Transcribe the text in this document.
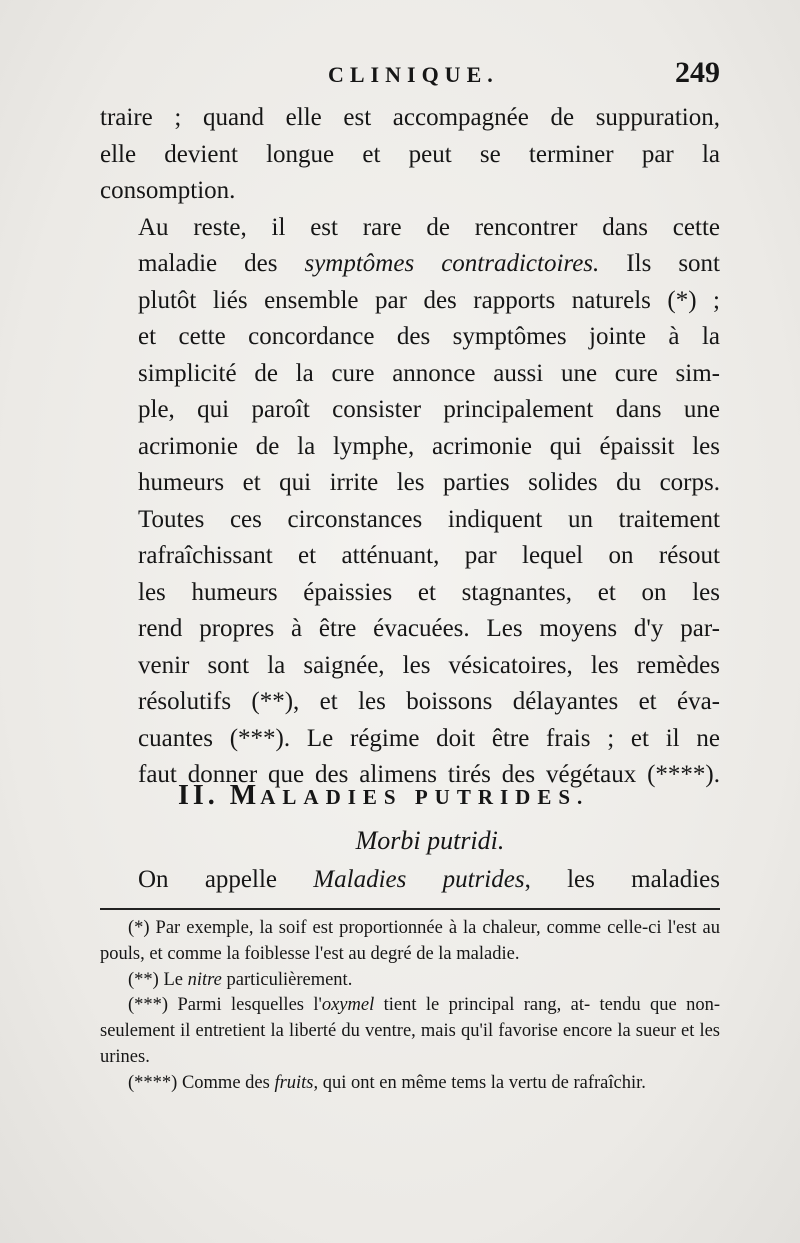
CLINIQUE.	249

traire ; quand elle est accompagnée de suppuration,
elle devient longue et peut se terminer par la
consomption.

Au reste, il est rare de rencontrer dans cette
maladie des symptômes contradictoires. Ils sont
plutôt liés ensemble par des rapports naturels (*) ;
et cette concordance des symptômes jointe à la
simplicité de la cure annonce aussi une cure sim-
ple, qui paroît consister principalement dans une
acrimonie de la lymphe, acrimonie qui épaissit les
humeurs et qui irrite les parties solides du corps.

Toutes ces circonstances indiquent un traitement
rafraîchissant et atténuant, par lequel on résout
les humeurs épaissies et stagnantes, et on les
rend propres à être évacuées. Les moyens d'y par-
venir sont la saignée, les vésicatoires, les remèdes
résolutifs (**), et les boissons délayantes et éva-
cuantes (***). Le régime doit être frais ; et il ne
faut donner que des alimens tirés des végétaux (****).

II. MALADIES PUTRIDES.
Morbi putridi.
On appelle Maladies putrides, les maladies

(*) Par exemple, la soif est proportionnée à la chaleur, comme celle-ci l'est au pouls, et comme la foiblesse l'est au degré de la maladie.

(**) Le nitre particulièrement.

(***) Parmi lesquelles l'oxymel tient le principal rang, at- tendu que non-seulement il entretient la liberté du ventre, mais qu'il favorise encore la sueur et les urines.

(****) Comme des fruits, qui ont en même tems la vertu de rafraîchir.
